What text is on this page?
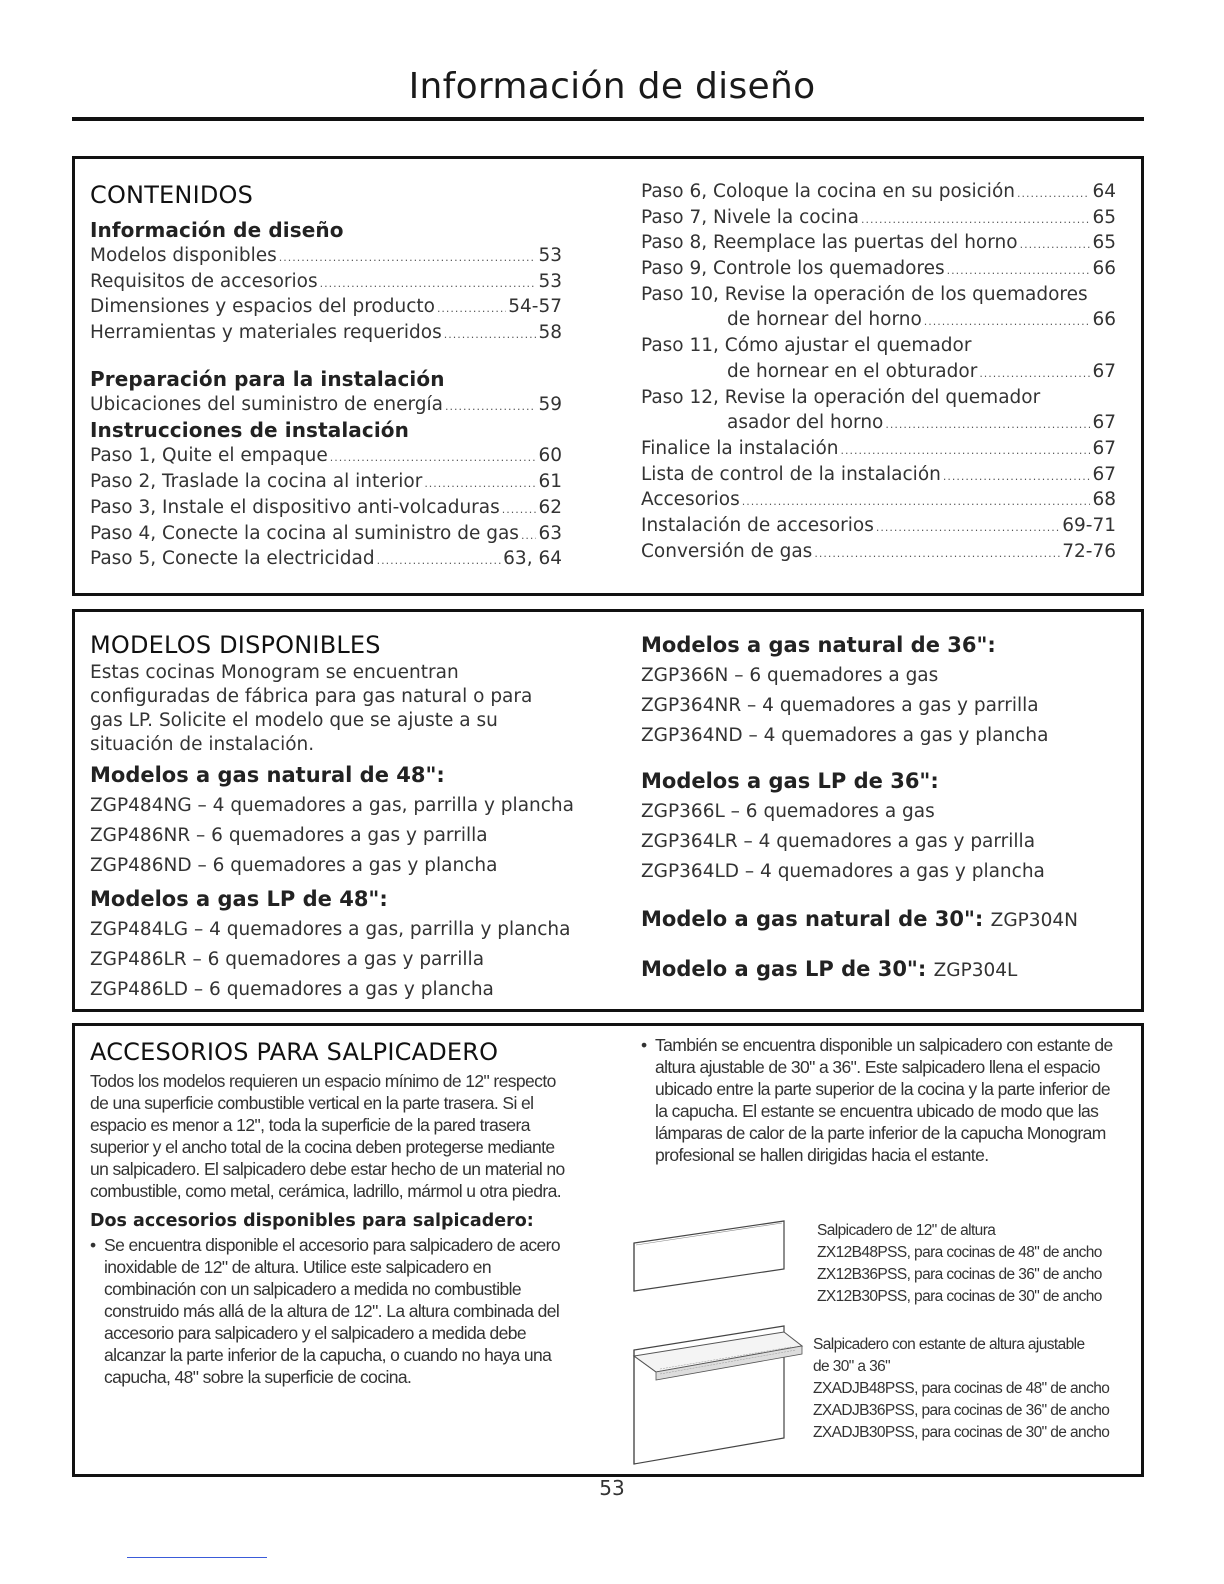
Información de diseño
CONTENIDOS
Información de diseño
Modelos disponibles .....	53
Requisitos de accesorios .....	53
Dimensiones y espacios del producto .....	54-57
Herramientas y materiales requeridos .....	58
Preparación para la instalación
Ubicaciones del suministro de energía .....	59
Instrucciones de instalación
Paso 1, Quite el empaque .....	60
Paso 2, Traslade la cocina al interior .....	61
Paso 3, Instale el dispositivo anti-volcaduras ..... 62
Paso 4, Conecte la cocina al suministro de gas ..... 63
Paso 5, Conecte la electricidad .....	63, 64
Paso 6, Coloque la cocina en su posición .....	64
Paso 7, Nivele la cocina .....	65
Paso 8, Reemplace las puertas del horno .....	65
Paso 9, Controle los quemadores .....	66
Paso 10, Revise la operación de los quemadores
de hornear del horno .....	66
Paso 11, Cómo ajustar el quemador
de hornear en el obturador .....	67
Paso 12, Revise la operación del quemador
asador del horno .....	67
Finalice la instalación .....	67
Lista de control de la instalación .....	67
Accesorios .....	68
Instalación de accesorios .....	69-71
Conversión de gas .....	72-76
MODELOS DISPONIBLES
Estas cocinas Monogram se encuentran configuradas de fábrica para gas natural o para gas LP. Solicite el modelo que se ajuste a su situación de instalación.
Modelos a gas natural de 48":
ZGP484NG – 4 quemadores a gas, parrilla y plancha
ZGP486NR – 6 quemadores a gas y parrilla
ZGP486ND – 6 quemadores a gas y plancha
Modelos a gas LP de 48":
ZGP484LG – 4 quemadores a gas, parrilla y plancha
ZGP486LR – 6 quemadores a gas y parrilla
ZGP486LD – 6 quemadores a gas y plancha
Modelos a gas natural de 36":
ZGP366N – 6 quemadores a gas
ZGP364NR – 4 quemadores a gas y parrilla
ZGP364ND – 4 quemadores a gas y plancha
Modelos a gas LP de 36":
ZGP366L – 6 quemadores a gas
ZGP364LR – 4 quemadores a gas y parrilla
ZGP364LD – 4 quemadores a gas y plancha
Modelo a gas natural de 30": ZGP304N
Modelo a gas LP de 30": ZGP304L
ACCESORIOS PARA SALPICADERO
Todos los modelos requieren un espacio mínimo de 12" respecto de una superficie combustible vertical en la parte trasera. Si el espacio es menor a 12", toda la superficie de la pared trasera superior y el ancho total de la cocina deben protegerse mediante un salpicadero. El salpicadero debe estar hecho de un material no combustible, como metal, cerámica, ladrillo, mármol u otra piedra.
Dos accesorios disponibles para salpicadero:
• Se encuentra disponible el accesorio para salpicadero de acero inoxidable de 12" de altura. Utilice este salpicadero en combinación con un salpicadero a medida no combustible construido más allá de la altura de 12". La altura combinada del accesorio para salpicadero y el salpicadero a medida debe alcanzar la parte inferior de la capucha, o cuando no haya una capucha, 48" sobre la superficie de cocina.
• También se encuentra disponible un salpicadero con estante de altura ajustable de 30" a 36". Este salpicadero llena el espacio ubicado entre la parte superior de la cocina y la parte inferior de la capucha. El estante se encuentra ubicado de modo que las lámparas de calor de la parte inferior de la capucha Monogram profesional se hallen dirigidas hacia el estante.
Salpicadero de 12" de altura
ZX12B48PSS, para cocinas de 48" de ancho
ZX12B36PSS, para cocinas de 36" de ancho
ZX12B30PSS, para cocinas de 30" de ancho
Salpicadero con estante de altura ajustable
de 30" a 36"
ZXADJB48PSS, para cocinas de 48" de ancho
ZXADJB36PSS, para cocinas de 36" de ancho
ZXADJB30PSS, para cocinas de 30" de ancho
53
